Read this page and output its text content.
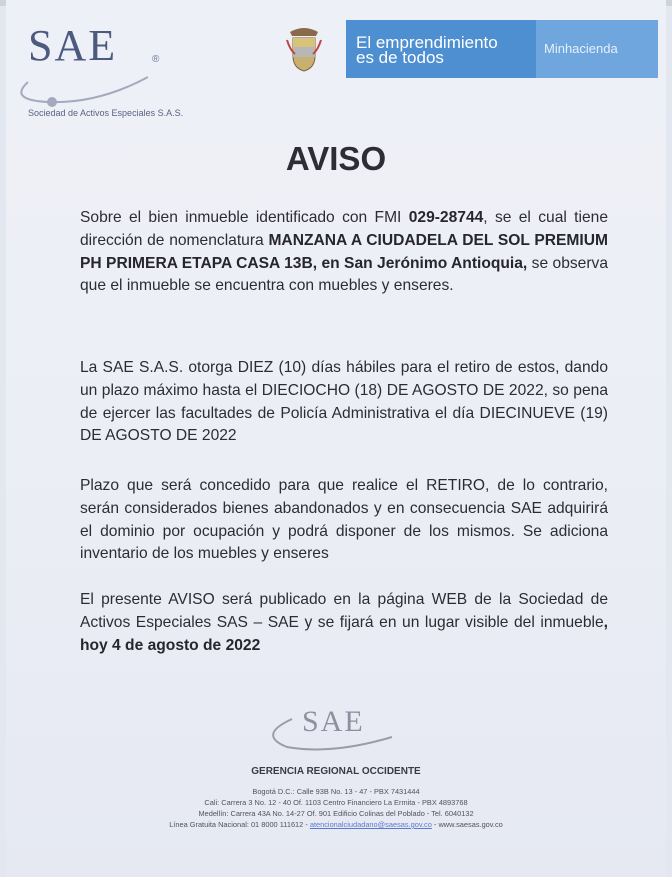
SAE	®
Sociedad de Activos Especiales S.A.S.
El emprendimiento
es de todos	Minhacienda
AVISO
Sobre el bien inmueble identificado con FMI 029-28744, se el cual tiene dirección de nomenclatura MANZANA A CIUDADELA DEL SOL PREMIUM PH PRIMERA ETAPA CASA 13B, en San Jerónimo Antioquia, se observa que el inmueble se encuentra con muebles y enseres.
La SAE S.A.S. otorga DIEZ (10) días hábiles para el retiro de estos, dando un plazo máximo hasta el DIECIOCHO (18) DE AGOSTO DE 2022, so pena de ejercer las facultades de Policía Administrativa el día DIECINUEVE (19) DE AGOSTO DE 2022
Plazo que será concedido para que realice el RETIRO, de lo contrario, serán considerados bienes abandonados y en consecuencia SAE adquirirá el dominio por ocupación y podrá disponer de los mismos. Se adiciona inventario de los muebles y enseres
El presente AVISO será publicado en la página WEB de la Sociedad de Activos Especiales SAS – SAE y se fijará en un lugar visible del inmueble, hoy 4 de agosto de 2022
SAE
GERENCIA REGIONAL OCCIDENTE
Bogotá D.C.: Calle 93B No. 13 - 47 - PBX 7431444
Cali: Carrera 3 No. 12 - 40 Of. 1103 Centro Financiero La Ermita - PBX 4893768
Medellín: Carrera 43A No. 14-27 Of. 901 Edificio Colinas del Poblado - Tel. 6040132
Línea Gratuita Nacional: 01 8000 111612 - atencionalciudadano@saesas.gov.co - www.saesas.gov.co
